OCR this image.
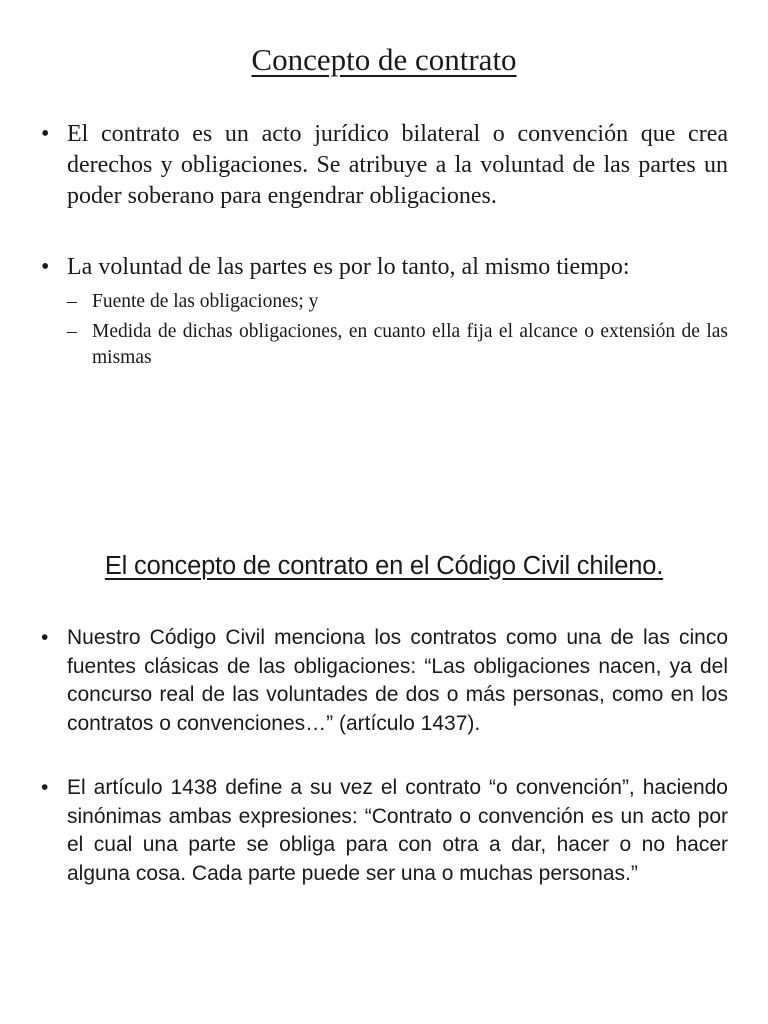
Concepto de contrato

• El contrato es un acto jurídico bilateral o convención que crea derechos y obligaciones. Se atribuye a la voluntad de las partes un poder soberano para engendrar obligaciones.

• La voluntad de las partes es por lo tanto, al mismo tiempo:

– Fuente de las obligaciones; y

– Medida de dichas obligaciones, en cuanto ella fija el alcance o extensión de las mismas

El concepto de contrato en el Código Civil chileno.

• Nuestro Código Civil menciona los contratos como una de las cinco fuentes clásicas de las obligaciones: “Las obligaciones nacen, ya del concurso real de las voluntades de dos o más personas, como en los contratos o convenciones…” (artículo 1437).

• El artículo 1438 define a su vez el contrato “o convención”, haciendo sinónimas ambas expresiones: “Contrato o convención es un acto por el cual una parte se obliga para con otra a dar, hacer o no hacer alguna cosa. Cada parte puede ser una o muchas personas.”
